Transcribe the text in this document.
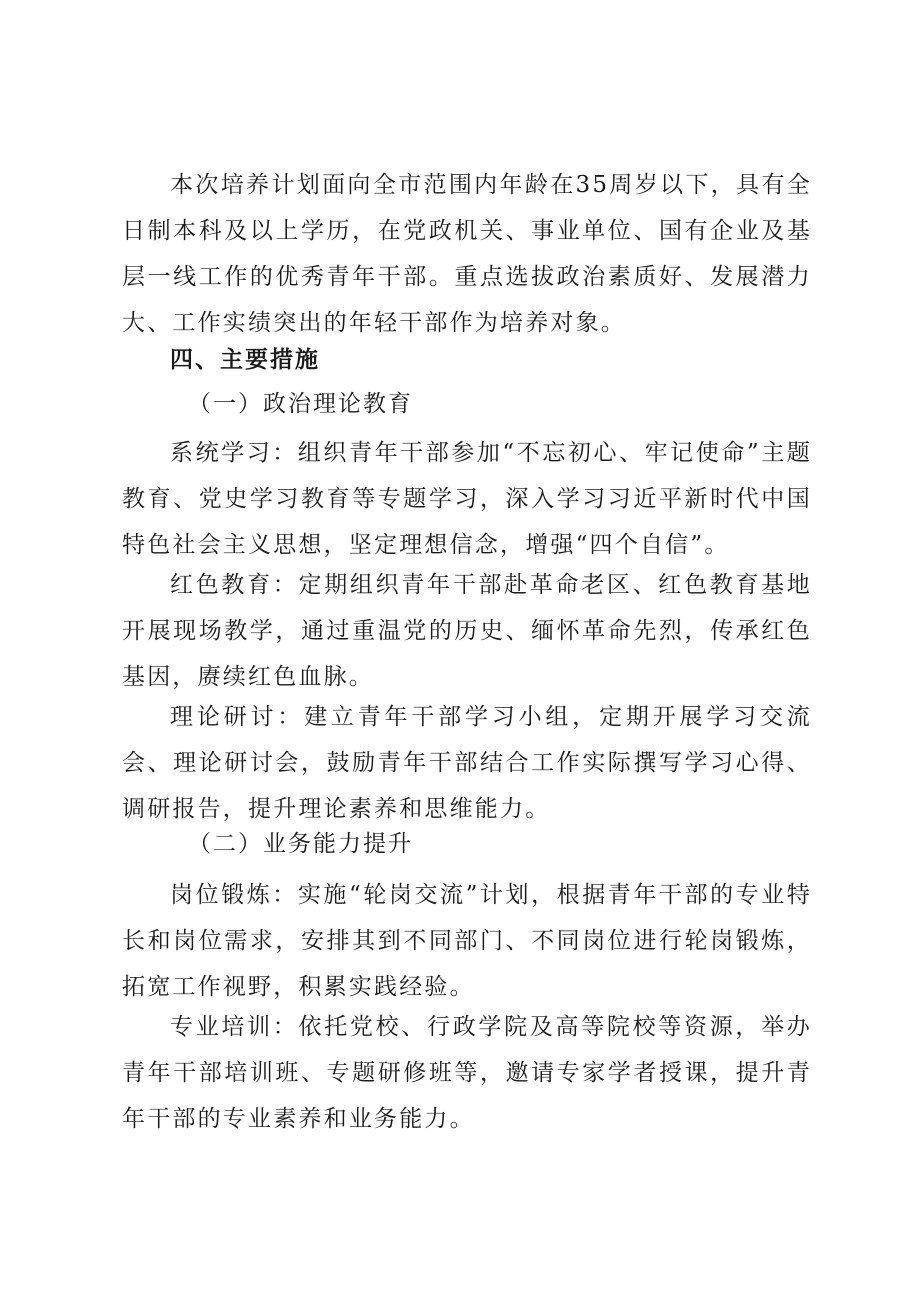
本次培养计划面向全市范围内年龄在35周岁以下，具有全日制本科及以上学历，在党政机关、事业单位、国有企业及基层一线工作的优秀青年干部。重点选拔政治素质好、发展潜力大、工作实绩突出的年轻干部作为培养对象。

四、主要措施

（一）政治理论教育

系统学习：组织青年干部参加“不忘初心、牢记使命”主题教育、党史学习教育等专题学习，深入学习习近平新时代中国特色社会主义思想，坚定理想信念，增强“四个自信”。

红色教育：定期组织青年干部赴革命老区、红色教育基地开展现场教学，通过重温党的历史、缅怀革命先烈，传承红色基因，赓续红色血脉。

理论研讨：建立青年干部学习小组，定期开展学习交流会、理论研讨会，鼓励青年干部结合工作实际撰写学习心得、调研报告，提升理论素养和思维能力。

（二）业务能力提升

岗位锻炼：实施“轮岗交流”计划，根据青年干部的专业特长和岗位需求，安排其到不同部门、不同岗位进行轮岗锻炼，拓宽工作视野，积累实践经验。

专业培训：依托党校、行政学院及高等院校等资源，举办青年干部培训班、专题研修班等，邀请专家学者授课，提升青年干部的专业素养和业务能力。
